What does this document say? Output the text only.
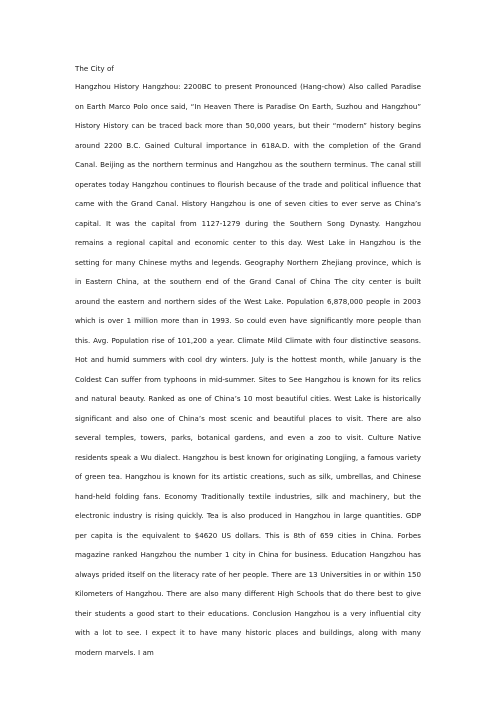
The City of

Hangzhou History Hangzhou: 2200BC to present Pronounced (Hang-chow) Also called Paradise on Earth Marco Polo once said, “In Heaven There is Paradise On Earth, Suzhou and Hangzhou” History History can be traced back more than 50,000 years, but their “modern” history begins around 2200 B.C. Gained Cultural importance in 618A.D. with the completion of the Grand Canal. Beijing as the northern terminus and Hangzhou as the southern terminus. The canal still operates today Hangzhou continues to flourish because of the trade and political influence that came with the Grand Canal. History Hangzhou is one of seven cities to ever serve as China’s capital. It was the capital from 1127-1279 during the Southern Song Dynasty. Hangzhou remains a regional capital and economic center to this day. West Lake in Hangzhou is the setting for many Chinese myths and legends. Geography Northern Zhejiang province, which is in Eastern China, at the southern end of the Grand Canal of China The city center is built around the eastern and northern sides of the West Lake. Population 6,878,000 people in 2003 which is over 1 million more than in 1993. So could even have significantly more people than this. Avg. Population rise of 101,200 a year. Climate Mild Climate with four distinctive seasons. Hot and humid summers with cool dry winters. July is the hottest month, while January is the Coldest Can suffer from typhoons in mid-summer. Sites to See Hangzhou is known for its relics and natural beauty. Ranked as one of China’s 10 most beautiful cities. West Lake is historically significant and also one of China’s most scenic and beautiful places to visit. There are also several temples, towers, parks, botanical gardens, and even a zoo to visit. Culture Native residents speak a Wu dialect. Hangzhou is best known for originating Longjing, a famous variety of green tea. Hangzhou is known for its artistic creations, such as silk, umbrellas, and Chinese hand-held folding fans. Economy Traditionally textile industries, silk and machinery, but the electronic industry is rising quickly. Tea is also produced in Hangzhou in large quantities. GDP per capita is the equivalent to $4620 US dollars. This is 8th of 659 cities in China. Forbes magazine ranked Hangzhou the number 1 city in China for business. Education Hangzhou has always prided itself on the literacy rate of her people. There are 13 Universities in or within 150 Kilometers of Hangzhou. There are also many different High Schools that do there best to give their students a good start to their educations. Conclusion Hangzhou is a very influential city with a lot to see. I expect it to have many historic places and buildings, along with many modern marvels. I am
